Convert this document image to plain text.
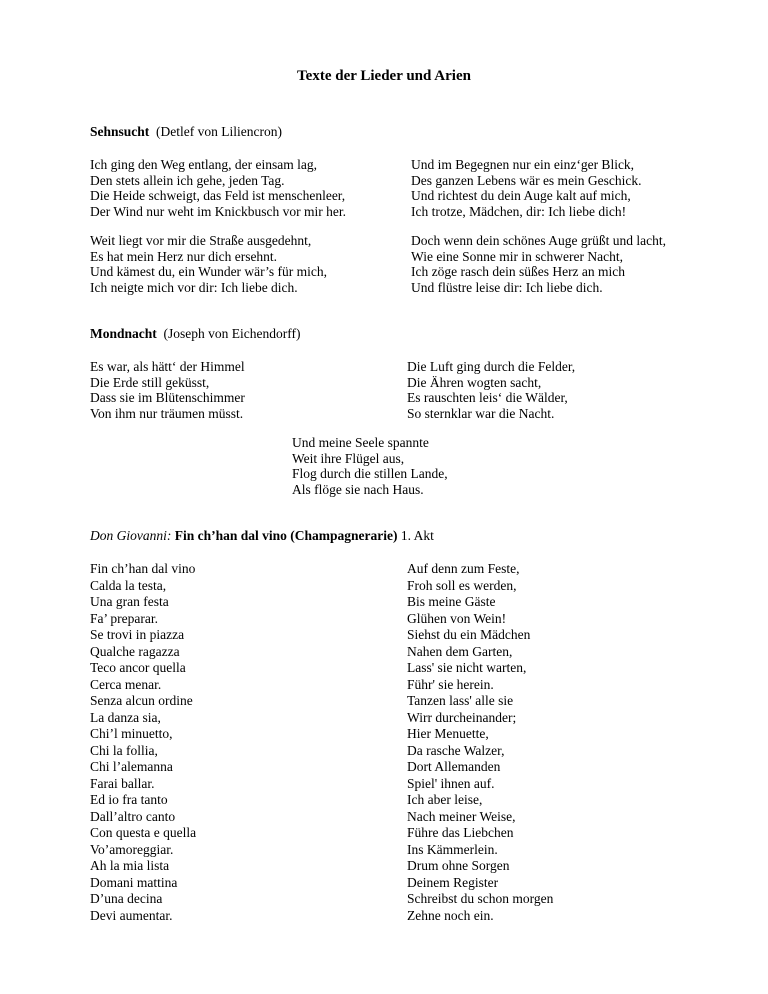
Texte der Lieder und Arien
Sehnsucht (Detlef von Liliencron)
Ich ging den Weg entlang, der einsam lag,
Den stets allein ich gehe, jeden Tag.
Die Heide schweigt, das Feld ist menschenleer,
Der Wind nur weht im Knickbusch vor mir her.
Und im Begegnen nur ein einz‘ger Blick,
Des ganzen Lebens wär es mein Geschick.
Und richtest du dein Auge kalt auf mich,
Ich trotze, Mädchen, dir: Ich liebe dich!
Weit liegt vor mir die Straße ausgedehnt,
Es hat mein Herz nur dich ersehnt.
Und kämest du, ein Wunder wär’s für mich,
Ich neigte mich vor dir: Ich liebe dich.
Doch wenn dein schönes Auge grüßt und lacht,
Wie eine Sonne mir in schwerer Nacht,
Ich zöge rasch dein süßes Herz an mich
Und flüstre leise dir: Ich liebe dich.
Mondnacht (Joseph von Eichendorff)
Es war, als hätt‘ der Himmel
Die Erde still geküsst,
Dass sie im Blütenschimmer
Von ihm nur träumen müsst.
Die Luft ging durch die Felder,
Die Ähren wogten sacht,
Es rauschten leis‘ die Wälder,
So sternklar war die Nacht.
Und meine Seele spannte
Weit ihre Flügel aus,
Flog durch die stillen Lande,
Als flöge sie nach Haus.
Don Giovanni: Fin ch’han dal vino (Champagnerarie) 1. Akt
Fin ch’han dal vino
Calda la testa,
Una gran festa
Fa’ preparar.
Se trovi in piazza
Qualche ragazza
Teco ancor quella
Cerca menar.
Senza alcun ordine
La danza sia,
Chi’l minuetto,
Chi la follia,
Chi l’alemanna
Farai ballar.
Ed io fra tanto
Dall’altro canto
Con questa e quella
Vo’amoreggiar.
Ah la mia lista
Domani mattina
D’una decina
Devi aumentar.
Auf denn zum Feste,
Froh soll es werden,
Bis meine Gäste
Glühen von Wein!
Siehst du ein Mädchen
Nahen dem Garten,
Lass' sie nicht warten,
Führ' sie herein.
Tanzen lass' alle sie
Wirr durcheinander;
Hier Menuette,
Da rasche Walzer,
Dort Allemanden
Spiel' ihnen auf.
Ich aber leise,
Nach meiner Weise,
Führe das Liebchen
Ins Kämmerlein.
Drum ohne Sorgen
Deinem Register
Schreibst du schon morgen
Zehne noch ein.
